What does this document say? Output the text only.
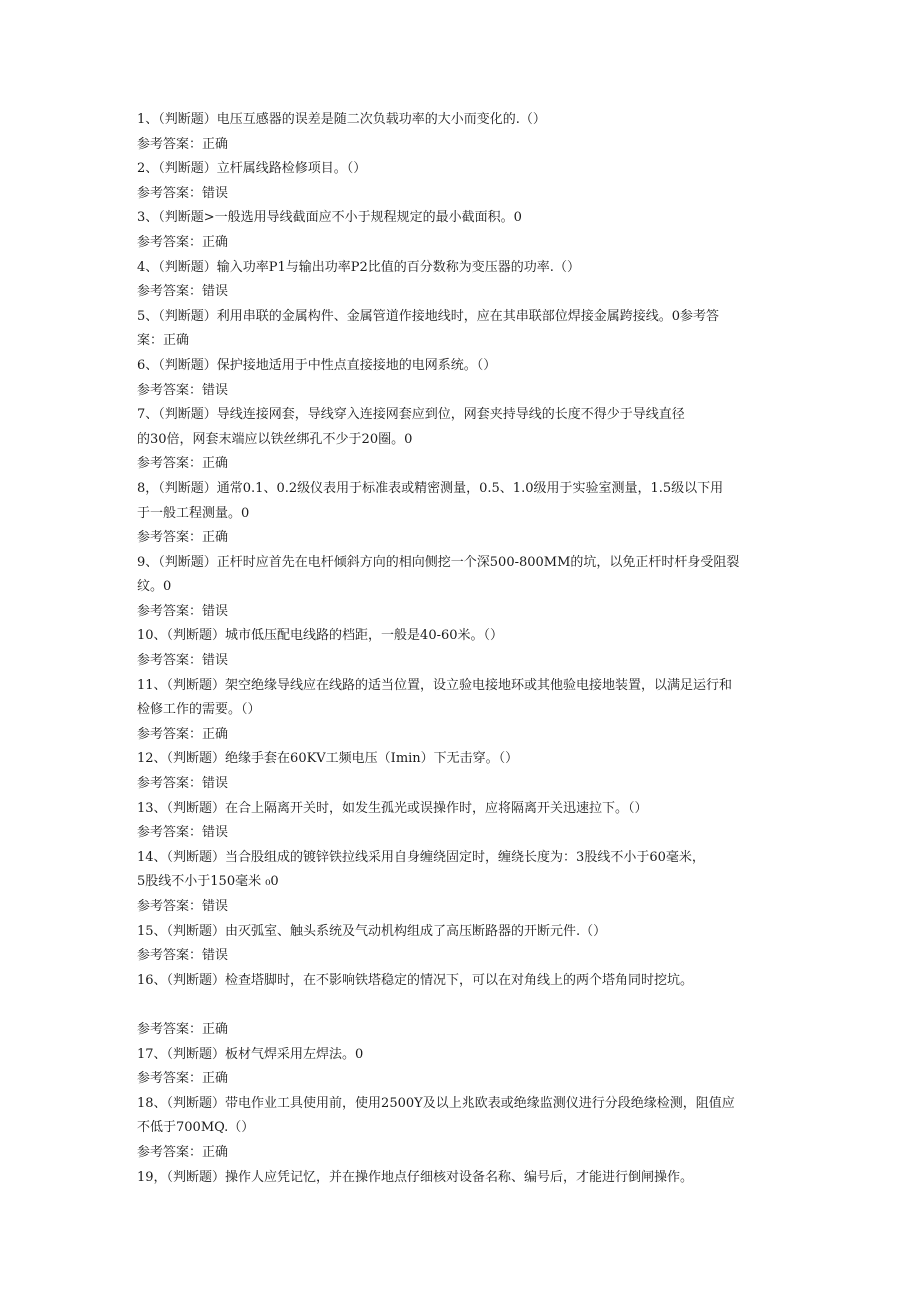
1、（判断题）电压互感器的误差是随二次负载功率的大小而变化的.（）
参考答案：正确
2、（判断题）立杆属线路检修项目。（）
参考答案：错误
3、（判断题>一般选用导线截面应不小于规程规定的最小截面积。0
参考答案：正确
4、（判断题）输入功率P1与输出功率P2比值的百分数称为变压器的功率.（）
参考答案：错误
5、（判断题）利用串联的金属构件、金属管道作接地线时，应在其串联部位焊接金属跨接线。0参考答
案：正确
6、（判断题）保护接地适用于中性点直接接地的电网系统。（）
参考答案：错误
7、（判断题）导线连接网套，导线穿入连接网套应到位，网套夹持导线的长度不得少于导线直径
的30倍，网套末端应以铁丝绑孔不少于20圈。0
参考答案：正确
8，（判断题）通常0.1、0.2级仪表用于标准表或精密测量，0.5、1.0级用于实验室测量，1.5级以下用
于一般工程测量。0
参考答案：正确
9、（判断题）正杆时应首先在电杆倾斜方向的相向侧挖一个深500-800MM的坑，以免正杆时杆身受阻裂
纹。0
参考答案：错误
10、（判断题）城市低压配电线路的档距，一般是40-60米。（）
参考答案：错误
11、（判断题）架空绝缘导线应在线路的适当位置，设立验电接地环或其他验电接地装置，以满足运行和
检修工作的需要。（）
参考答案：正确
12、（判断题）绝缘手套在60KV工频电压（Imin）下无击穿。（）
参考答案：错误
13、（判断题）在合上隔离开关时，如发生孤光或误操作时，应将隔离开关迅速拉下。（）
参考答案：错误
14、（判断题）当合股组成的镀锌铁拉线采用自身缠绕固定时，缠绕长度为：3股线不小于60毫米，
5股线不小于150毫米 ₀0
参考答案：错误
15、（判断题）由灭弧室、触头系统及气动机构组成了高压断路器的开断元件.（）
参考答案：错误
16、（判断题）检查塔脚时，在不影响铁塔稳定的情况下，可以在对角线上的两个塔角同时挖坑。
参考答案：正确
17、（判断题）板材气焊采用左焊法。0
参考答案：正确
18、（判断题）带电作业工具使用前，使用2500Y及以上兆欧表或绝缘监测仪进行分段绝缘检测，阻值应
不低于700MQ.（）
参考答案：正确
19，（判断题）操作人应凭记忆，并在操作地点仔细核对设备名称、编号后，才能进行倒闸操作。
